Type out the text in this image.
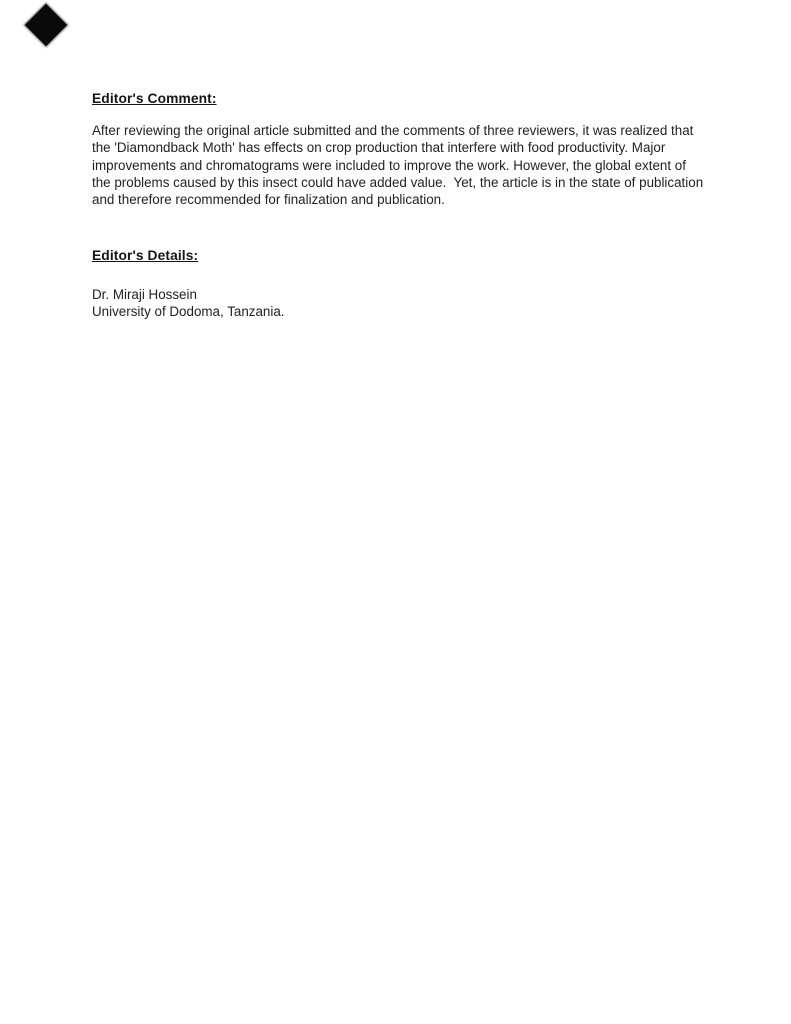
Editor's Comment:
After reviewing the original article submitted and the comments of three reviewers, it was realized that the 'Diamondback Moth' has effects on crop production that interfere with food productivity. Major improvements and chromatograms were included to improve the work. However, the global extent of the problems caused by this insect could have added value.  Yet, the article is in the state of publication and therefore recommended for finalization and publication.
Editor's Details:
Dr. Miraji Hossein
University of Dodoma, Tanzania.
